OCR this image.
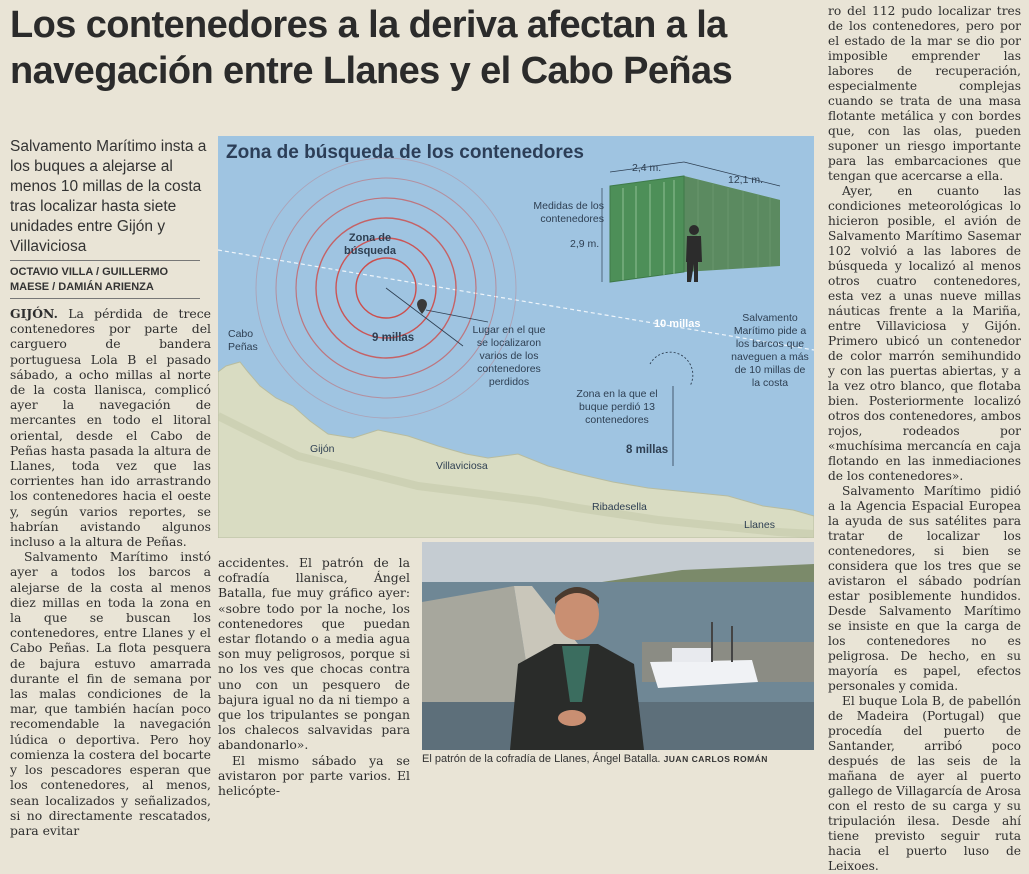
Los contenedores a la deriva afectan a la
navegación entre Llanes y el Cabo Peñas
Salvamento Marítimo insta a los buques a alejarse al menos 10 millas de la costa tras localizar hasta siete unidades entre Gijón y Villaviciosa
OCTAVIO VILLA / GUILLERMO MAESE / DAMIÁN ARIENZA

GIJÓN. La pérdida de trece contenedores por parte del carguero de bandera portuguesa Lola B el pasado sábado, a ocho millas al norte de la costa llanisca, complicó ayer la navegación de mercantes en todo el litoral oriental, desde el Cabo de Peñas hasta pasada la altura de Llanes, toda vez que las corrientes han ido arrastrando los contenedores hacia el oeste y, según varios reportes, se habrían avistando algunos incluso a la altura de Peñas.

Salvamento Marítimo instó ayer a todos los barcos a alejarse de la costa al menos diez millas en toda la zona en la que se buscan los contenedores, entre Llanes y el Cabo Peñas. La flota pesquera de bajura estuvo amarrada durante el fin de semana por las malas condiciones de la mar, que también hacían poco recomendable la navegación lúdica o deportiva. Pero hoy comienza la costera del bocarte y los pescadores esperan que los contenedores, al menos, sean localizados y señalizados, si no directamente rescatados, para evitar

accidentes. El patrón de la cofradía llanisca, Ángel Batalla, fue muy gráfico ayer: «sobre todo por la noche, los contenedores que puedan estar flotando o a media agua son muy peligrosos, porque si no los ves que chocas contra uno con un pesquero de bajura igual no da ni tiempo a que los tripulantes se pongan los chalecos salvavidas para abandonarlo».

El mismo sábado ya se avistaron por parte varios. El helicópte-

ro del 112 pudo localizar tres de los contenedores, pero por el estado de la mar se dio por imposible emprender las labores de recuperación, especialmente complejas cuando se trata de una masa flotante metálica y con bordes que, con las olas, pueden suponer un riesgo importante para las embarcaciones que tengan que acercarse a ella.

Ayer, en cuanto las condiciones meteorológicas lo hicieron posible, el avión de Salvamento Marítimo Sasemar 102 volvió a las labores de búsqueda y localizó al menos otros cuatro contenedores, esta vez a unas nueve millas náuticas frente a la Mariña, entre Villaviciosa y Gijón. Primero ubicó un contenedor de color marrón semihundido y con las puertas abiertas, y a la vez otro blanco, que flotaba bien. Posteriormente localizó otros dos contenedores, ambos rojos, rodeados por «muchísima mercancía en caja flotando en las inmediaciones de los contenedores».

Salvamento Marítimo pidió a la Agencia Espacial Europea la ayuda de sus satélites para tratar de localizar los contenedores, si bien se considera que los tres que se avistaron el sábado podrían estar posiblemente hundidos. Desde Salvamento Marítimo se insiste en que la carga de los contenedores no es peligrosa. De hecho, en su mayoría es papel, efectos personales y comida.

El buque Lola B, de pabellón de Madeira (Portugal) que procedía del puerto de Santander, arribó poco después de las seis de la mañana de ayer al puerto gallego de Villagarcía de Arosa con el resto de su carga y su tripulación ilesa. Desde ahí tiene previsto seguir ruta hacia el puerto luso de Leixoes.

Zona de búsqueda de los contenedores
Zona de búsqueda
9 millas
10 millas
8 millas
Cabo Peñas
Gijón
Villaviciosa
Ribadesella
Llanes
Lugar en el que se localizaron varios de los contenedores perdidos
Zona en la que el buque perdió 13 contenedores
Salvamento Marítimo pide a los barcos que naveguen a más de 10 millas de la costa
Medidas de los contenedores
2,4 m.
12,1 m.
2,9 m.
El patrón de la cofradía de Llanes, Ángel Batalla. JUAN CARLOS ROMÁN
